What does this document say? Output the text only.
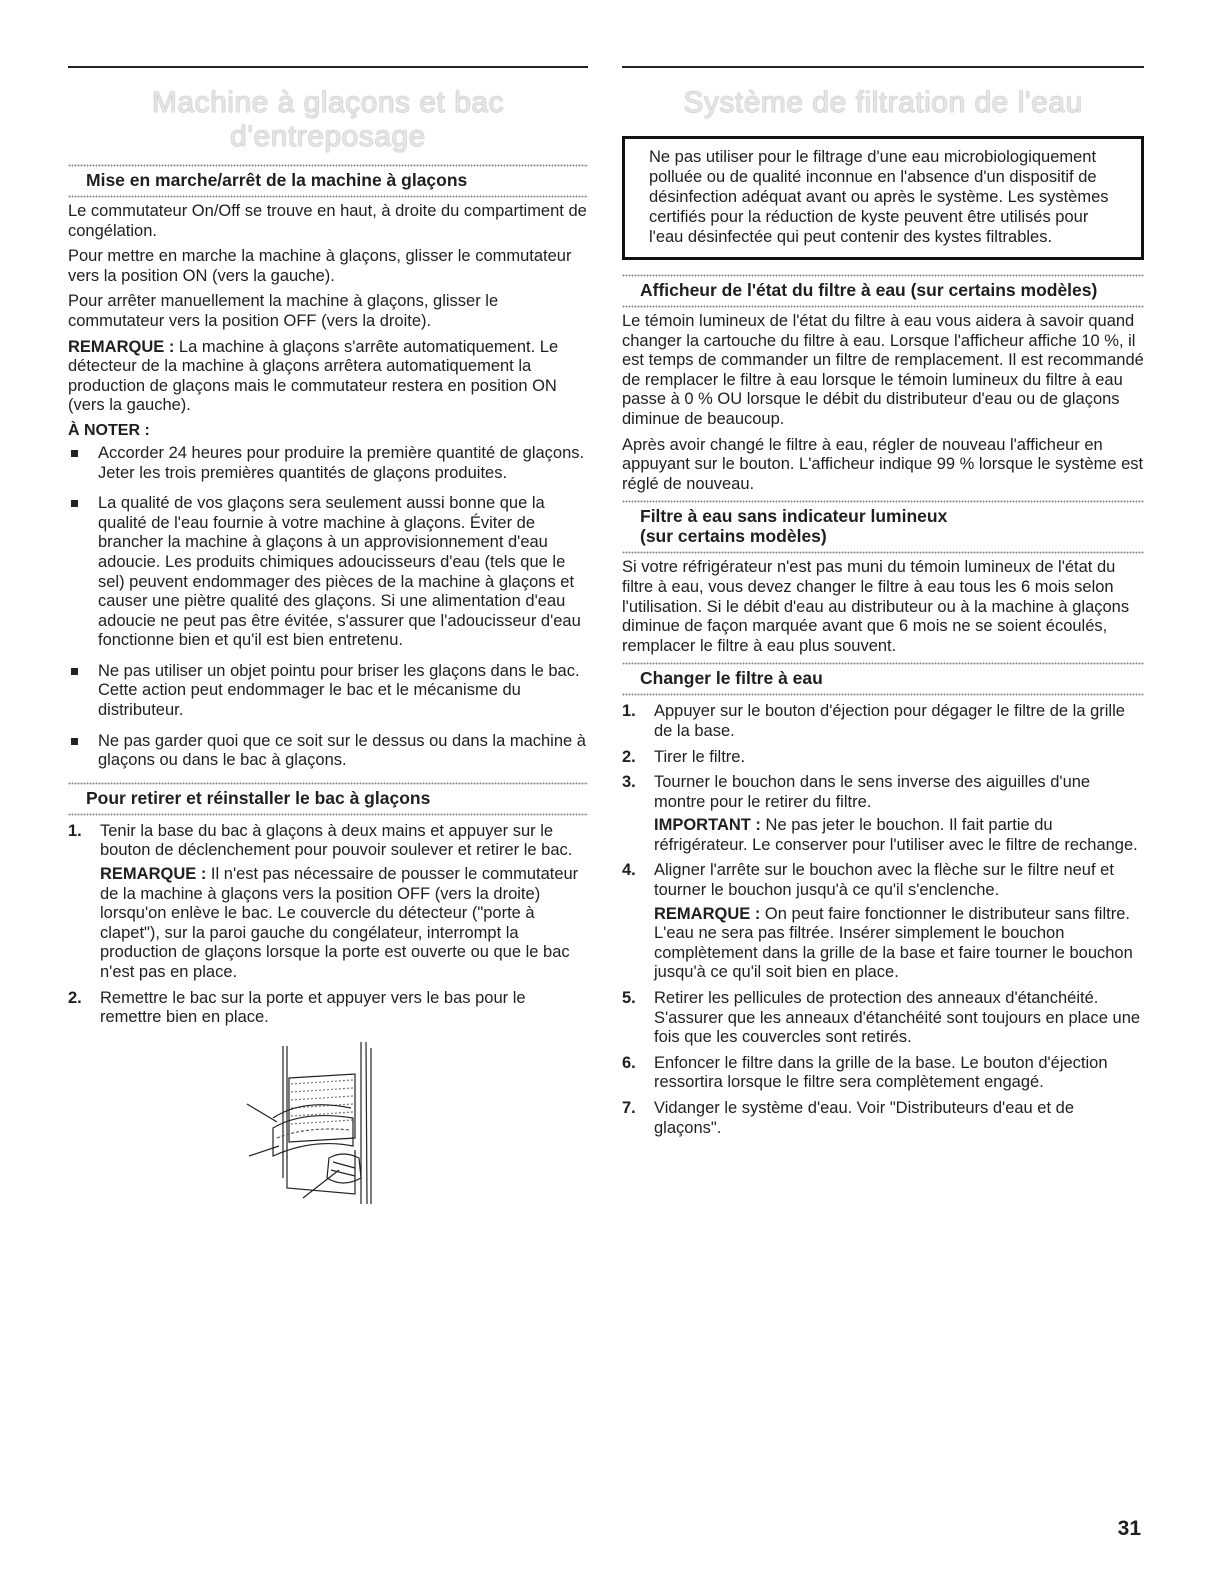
Machine à glaçons et bac d'entreposage
Mise en marche/arrêt de la machine à glaçons

Le commutateur On/Off se trouve en haut, à droite du compartiment de congélation.

Pour mettre en marche la machine à glaçons, glisser le commutateur vers la position ON (vers la gauche).

Pour arrêter manuellement la machine à glaçons, glisser le commutateur vers la position OFF (vers la droite).

REMARQUE : La machine à glaçons s'arrête automatiquement. Le détecteur de la machine à glaçons arrêtera automatiquement la production de glaçons mais le commutateur restera en position ON (vers la gauche).

À NOTER :
Accorder 24 heures pour produire la première quantité de glaçons. Jeter les trois premières quantités de glaçons produites.
La qualité de vos glaçons sera seulement aussi bonne que la qualité de l'eau fournie à votre machine à glaçons. Éviter de brancher la machine à glaçons à un approvisionnement d'eau adoucie. Les produits chimiques adoucisseurs d'eau (tels que le sel) peuvent endommager des pièces de la machine à glaçons et causer une piètre qualité des glaçons. Si une alimentation d'eau adoucie ne peut pas être évitée, s'assurer que l'adoucisseur d'eau fonctionne bien et qu'il est bien entretenu.
Ne pas utiliser un objet pointu pour briser les glaçons dans le bac. Cette action peut endommager le bac et le mécanisme du distributeur.
Ne pas garder quoi que ce soit sur le dessus ou dans la machine à glaçons ou dans le bac à glaçons.
Pour retirer et réinstaller le bac à glaçons
1. Tenir la base du bac à glaçons à deux mains et appuyer sur le bouton de déclenchement pour pouvoir soulever et retirer le bac.

REMARQUE : Il n'est pas nécessaire de pousser le commutateur de la machine à glaçons vers la position OFF (vers la droite) lorsqu'on enlève le bac. Le couvercle du détecteur ("porte à clapet"), sur la paroi gauche du congélateur, interrompt la production de glaçons lorsque la porte est ouverte ou que le bac n'est pas en place.

2. Remettre le bac sur la porte et appuyer vers le bas pour le remettre bien en place.
Système de filtration de l'eau

Ne pas utiliser pour le filtrage d'une eau microbiologiquement polluée ou de qualité inconnue en l'absence d'un dispositif de désinfection adéquat avant ou après le système. Les systèmes certifiés pour la réduction de kyste peuvent être utilisés pour l'eau désinfectée qui peut contenir des kystes filtrables.

Afficheur de l'état du filtre à eau (sur certains modèles)

Le témoin lumineux de l'état du filtre à eau vous aidera à savoir quand changer la cartouche du filtre à eau. Lorsque l'afficheur affiche 10 %, il est temps de commander un filtre de remplacement. Il est recommandé de remplacer le filtre à eau lorsque le témoin lumineux du filtre à eau passe à 0 % OU lorsque le débit du distributeur d'eau ou de glaçons diminue de beaucoup.

Après avoir changé le filtre à eau, régler de nouveau l'afficheur en appuyant sur le bouton. L'afficheur indique 99 % lorsque le système est réglé de nouveau.

Filtre à eau sans indicateur lumineux
(sur certains modèles)

Si votre réfrigérateur n'est pas muni du témoin lumineux de l'état du filtre à eau, vous devez changer le filtre à eau tous les 6 mois selon l'utilisation. Si le débit d'eau au distributeur ou à la machine à glaçons diminue de façon marquée avant que 6 mois ne se soient écoulés, remplacer le filtre à eau plus souvent.

Changer le filtre à eau
1. Appuyer sur le bouton d'éjection pour dégager le filtre de la grille de la base.
2. Tirer le filtre.
3. Tourner le bouchon dans le sens inverse des aiguilles d'une montre pour le retirer du filtre.

IMPORTANT : Ne pas jeter le bouchon. Il fait partie du réfrigérateur. Le conserver pour l'utiliser avec le filtre de rechange.

4. Aligner l'arrête sur le bouchon avec la flèche sur le filtre neuf et tourner le bouchon jusqu'à ce qu'il s'enclenche.

REMARQUE : On peut faire fonctionner le distributeur sans filtre. L'eau ne sera pas filtrée. Insérer simplement le bouchon complètement dans la grille de la base et faire tourner le bouchon jusqu'à ce qu'il soit bien en place.

5. Retirer les pellicules de protection des anneaux d'étanchéité. S'assurer que les anneaux d'étanchéité sont toujours en place une fois que les couvercles sont retirés.
6. Enfoncer le filtre dans la grille de la base. Le bouton d'éjection ressortira lorsque le filtre sera complètement engagé.
7. Vidanger le système d'eau. Voir "Distributeurs d'eau et de glaçons".
31
